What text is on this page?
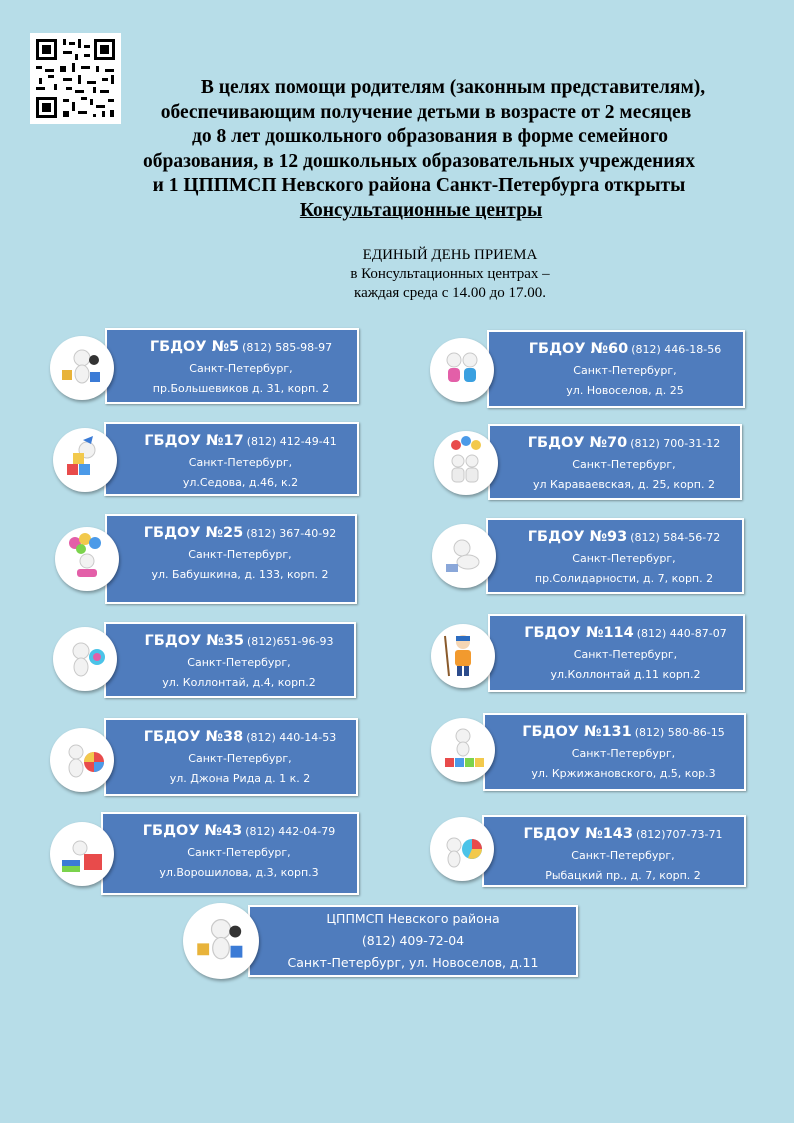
В целях помощи родителям (законным представителям),
обеспечивающим получение детьми в возрасте от 2 месяцев
до 8 лет дошкольного образования в форме семейного
образования, в 12 дошкольных образовательных учреждениях
и 1 ЦППМСП Невского района Санкт-Петербурга открыты
Консультационные центры
ЕДИНЫЙ ДЕНЬ ПРИЕМА
в Консультационных центрах –
каждая среда с 14.00 до 17.00.
ГБДОУ №5 (812) 585-98-97
Санкт-Петербург,
пр.Большевиков д. 31, корп. 2
ГБДОУ №60 (812) 446-18-56
Санкт-Петербург,
ул. Новоселов, д. 25
ГБДОУ №17 (812) 412-49-41
Санкт-Петербург,
ул.Седова, д.46, к.2
ГБДОУ №70 (812) 700-31-12
Санкт-Петербург,
ул Караваевская, д. 25, корп. 2
ГБДОУ №25 (812) 367-40-92
Санкт-Петербург,
ул. Бабушкина, д. 133, корп. 2
ГБДОУ №93 (812) 584-56-72
Санкт-Петербург,
пр.Солидарности, д. 7, корп. 2
ГБДОУ №35 (812)651-96-93
Санкт-Петербург,
ул. Коллонтай, д.4, корп.2
ГБДОУ №114 (812) 440-87-07
Санкт-Петербург,
ул.Коллонтай д.11 корп.2
ГБДОУ №38 (812) 440-14-53
Санкт-Петербург,
ул. Джона Рида д. 1 к. 2
ГБДОУ №131 (812) 580-86-15
Санкт-Петербург,
ул. Кржижановского, д.5, кор.3
ГБДОУ №43 (812) 442-04-79
Санкт-Петербург,
ул.Ворошилова, д.3, корп.3
ГБДОУ №143 (812)707-73-71
Санкт-Петербург,
Рыбацкий пр., д. 7, корп. 2
ЦППМСП Невского района
(812) 409-72-04
Санкт-Петербург, ул. Новоселов, д.11
